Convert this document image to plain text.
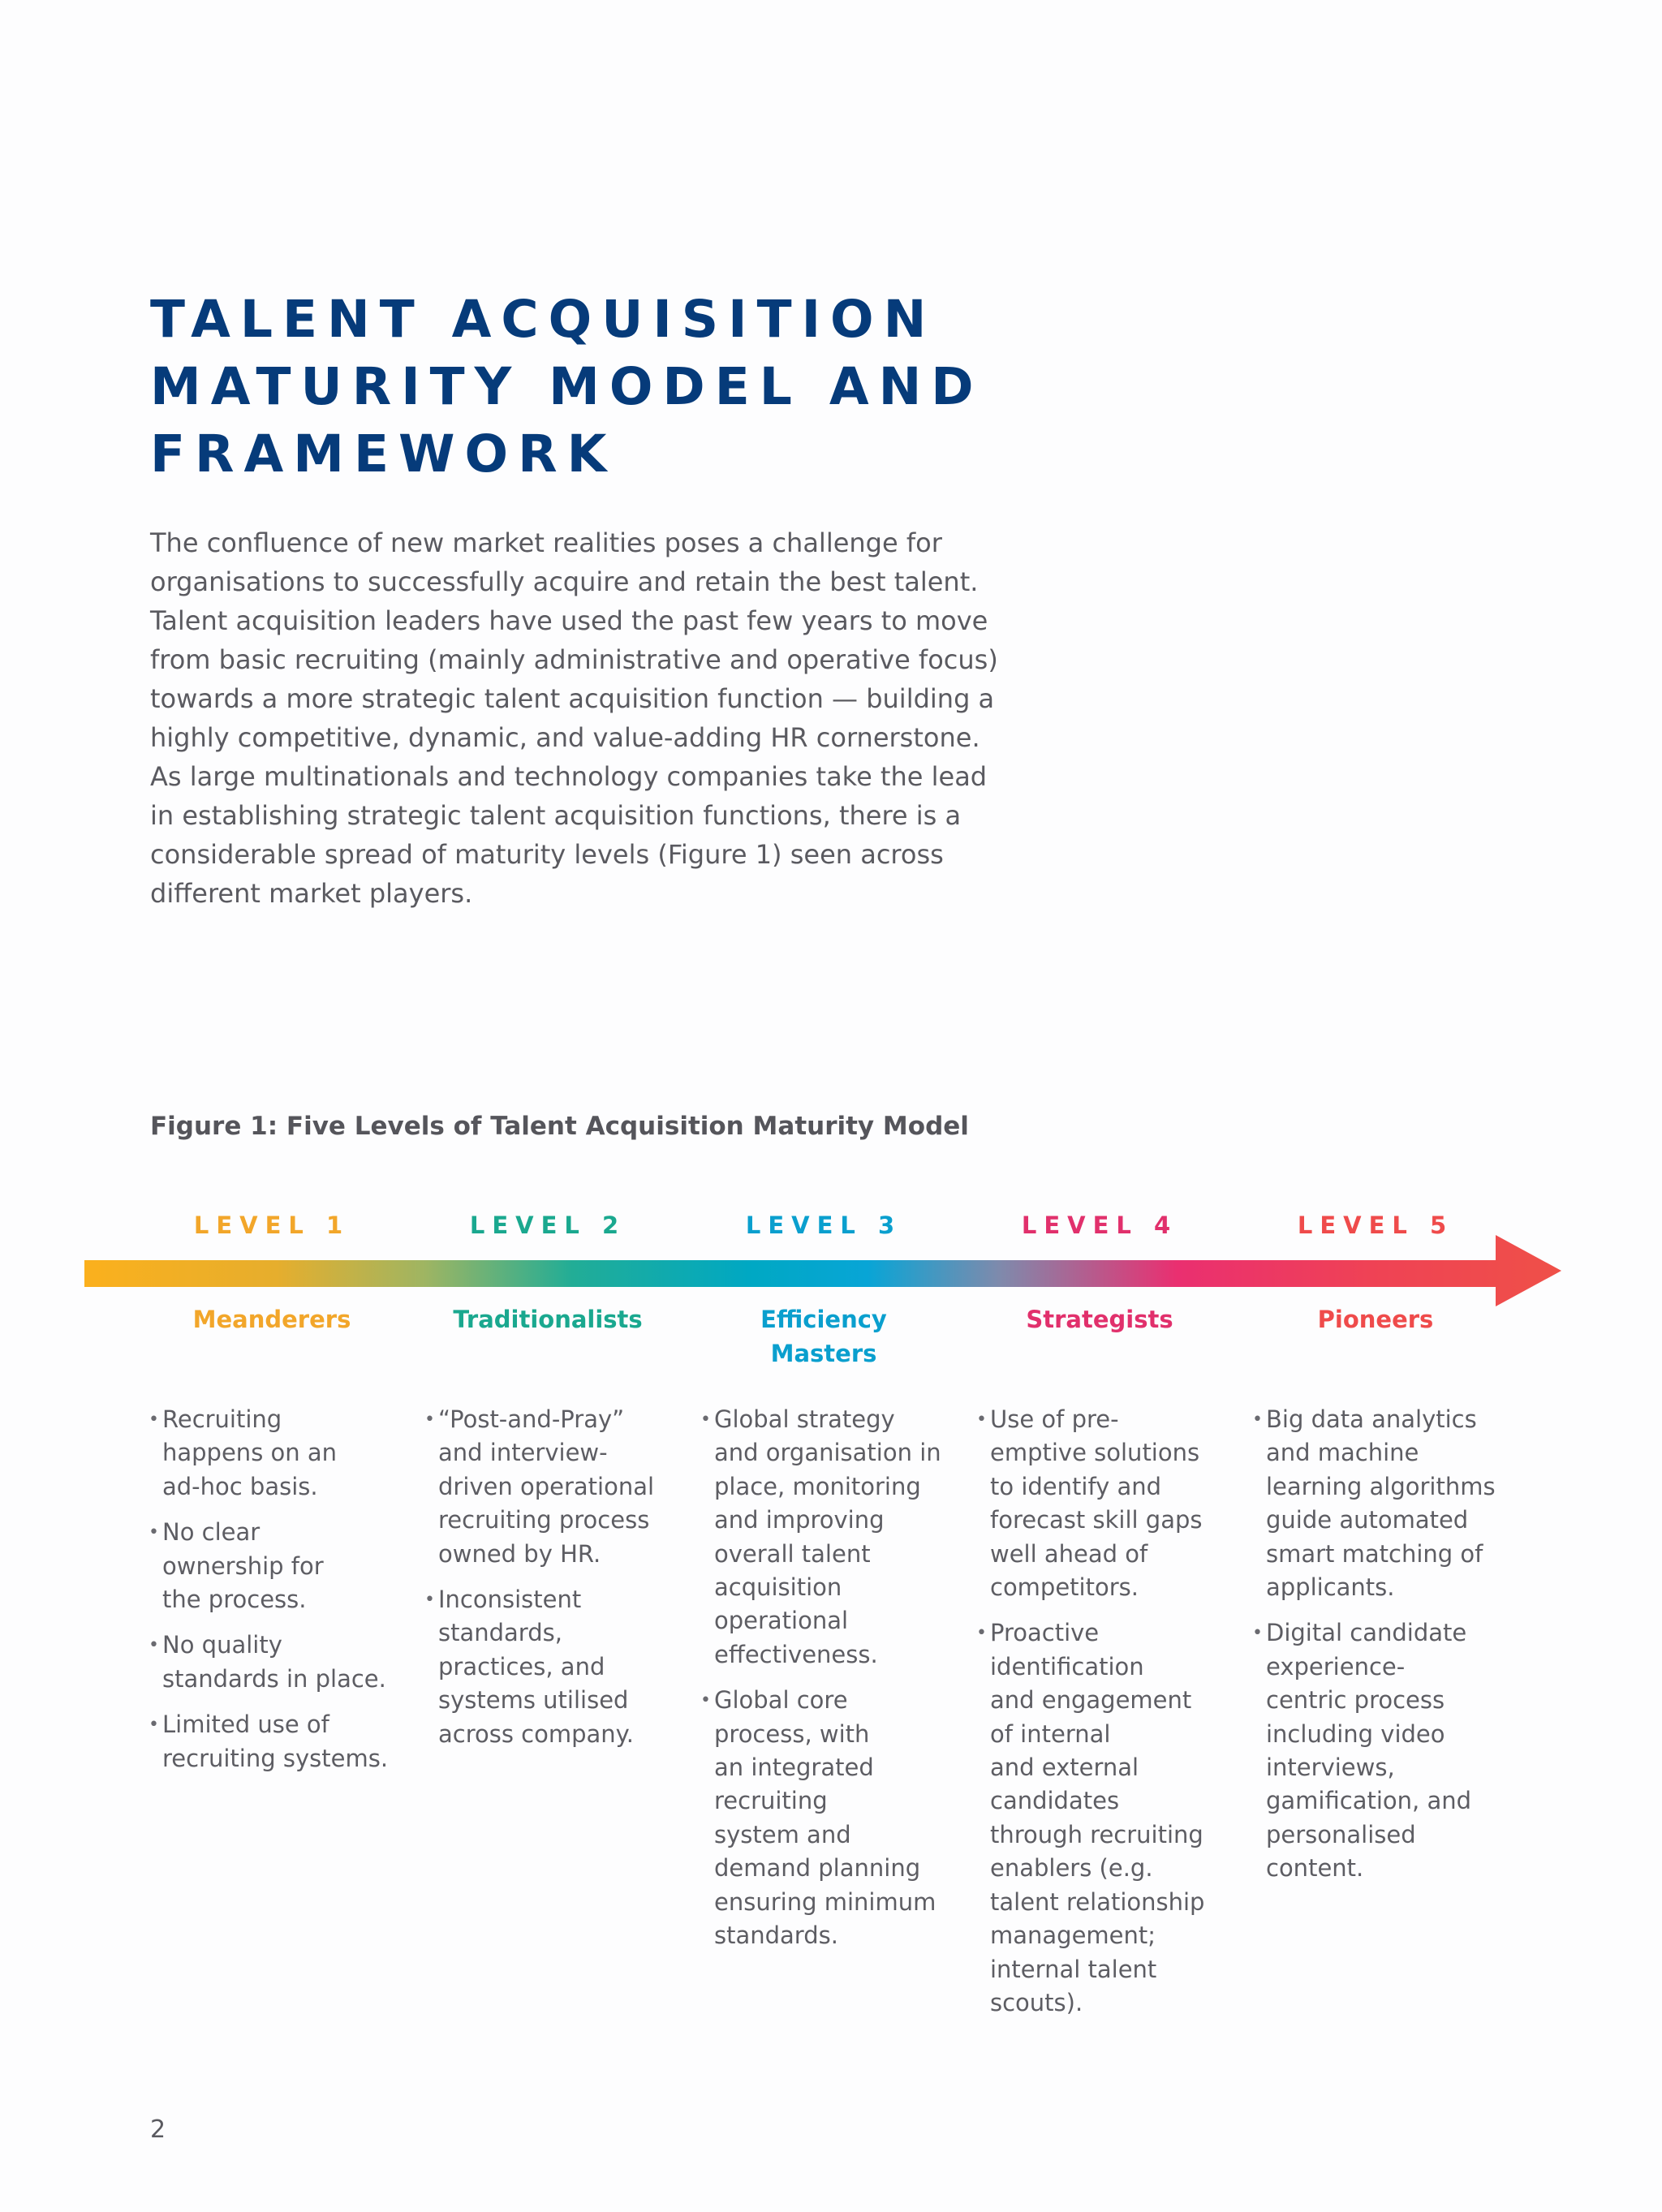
TALENT ACQUISITION
MATURITY MODEL AND
FRAMEWORK

The confluence of new market realities poses a challenge for
organisations to successfully acquire and retain the best talent.
Talent acquisition leaders have used the past few years to move
from basic recruiting (mainly administrative and operative focus)
towards a more strategic talent acquisition function — building a
highly competitive, dynamic, and value-adding HR cornerstone.
As large multinationals and technology companies take the lead
in establishing strategic talent acquisition functions, there is a
considerable spread of maturity levels (Figure 1) seen across
different market players.

Figure 1: Five Levels of Talent Acquisition Maturity Model

LEVEL 1
Meanderers
• Recruiting
happens on an
ad-hoc basis.
• No clear
ownership for
the process.
• No quality
standards in place.
• Limited use of
recruiting systems.
LEVEL 2
Traditionalists
• “Post-and-Pray”
and interview-
driven operational
recruiting process
owned by HR.
• Inconsistent
standards,
practices, and
systems utilised
across company.
LEVEL 3
Efficiency
Masters
• Global strategy
and organisation in
place, monitoring
and improving
overall talent
acquisition
operational
effectiveness.
• Global core
process, with
an integrated
recruiting
system and
demand planning
ensuring minimum
standards.
LEVEL 4
Strategists
• Use of pre-
emptive solutions
to identify and
forecast skill gaps
well ahead of
competitors.
• Proactive
identification
and engagement
of internal
and external
candidates
through recruiting
enablers (e.g.
talent relationship
management;
internal talent
scouts).
LEVEL 5
Pioneers
• Big data analytics
and machine
learning algorithms
guide automated
smart matching of
applicants.
• Digital candidate
experience-
centric process
including video
interviews,
gamification, and
personalised
content.
2
